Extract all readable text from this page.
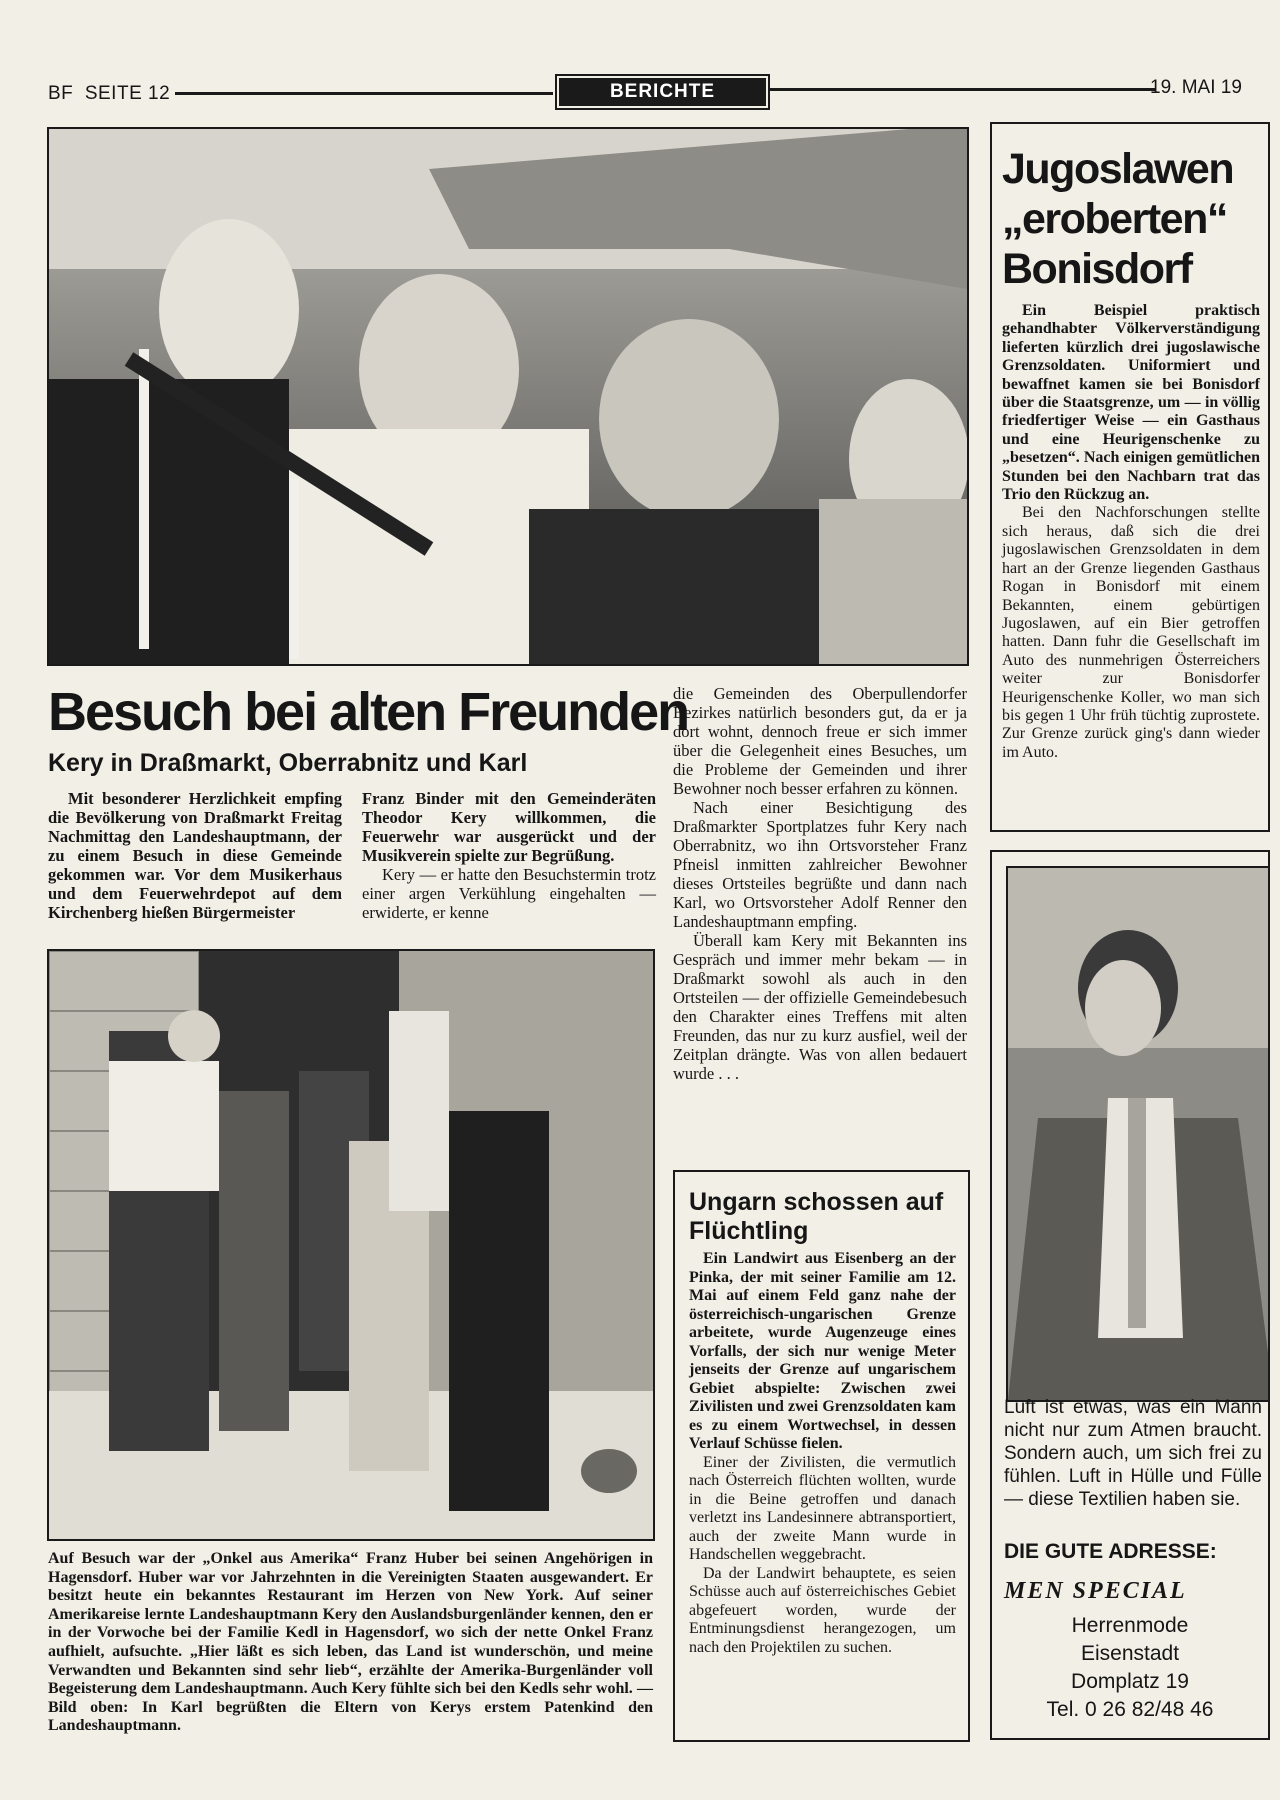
BF  SEITE 12	BERICHTE	19. MAI 19
Besuch bei alten Freunden
Kery in Draßmarkt, Oberrabnitz und Karl

Mit besonderer Herzlichkeit empfing die Bevölkerung von Draßmarkt Freitag Nachmittag den Landeshauptmann, der zu einem Besuch in diese Gemeinde gekommen war. Vor dem Musikerhaus und dem Feuerwehrdepot auf dem Kirchenberg hießen Bürgermeister

Franz Binder mit den Gemeinderäten Theodor Kery willkommen, die Feuerwehr war ausgerückt und der Musikverein spielte zur Begrüßung.

Kery — er hatte den Besuchstermin trotz einer argen Verkühlung eingehalten — erwiderte, er kenne

die Gemeinden des Oberpullendorfer Bezirkes natürlich besonders gut, da er ja dort wohnt, dennoch freue er sich immer über die Gelegenheit eines Besuches, um die Probleme der Gemeinden und ihrer Bewohner noch besser erfahren zu können.

Nach einer Besichtigung des Draßmarkter Sportplatzes fuhr Kery nach Oberrabnitz, wo ihn Ortsvorsteher Franz Pfneisl inmitten zahlreicher Bewohner dieses Ortsteiles begrüßte und dann nach Karl, wo Ortsvorsteher Adolf Renner den Landeshauptmann empfing.

Überall kam Kery mit Bekannten ins Gespräch und immer mehr bekam — in Draßmarkt sowohl als auch in den Ortsteilen — der offizielle Gemeindebesuch den Charakter eines Treffens mit alten Freunden, das nur zu kurz ausfiel, weil der Zeitplan drängte. Was von allen bedauert wurde . . .

Auf Besuch war der „Onkel aus Amerika“ Franz Huber bei seinen Angehörigen in Hagensdorf. Huber war vor Jahrzehnten in die Vereinigten Staaten ausgewandert. Er besitzt heute ein bekanntes Restaurant im Herzen von New York. Auf seiner Amerikareise lernte Landeshauptmann Kery den Auslandsburgenländer kennen, den er in der Vorwoche bei der Familie Kedl in Hagensdorf, wo sich der nette Onkel Franz aufhielt, aufsuchte. „Hier läßt es sich leben, das Land ist wunderschön, und meine Verwandten und Bekannten sind sehr lieb“, erzählte der Amerika-Burgenländer voll Begeisterung dem Landeshauptmann. Auch Kery fühlte sich bei den Kedls sehr wohl. — Bild oben: In Karl begrüßten die Eltern von Kerys erstem Patenkind den Landeshauptmann.

Ungarn schossen auf Flüchtling

Ein Landwirt aus Eisenberg an der Pinka, der mit seiner Familie am 12. Mai auf einem Feld ganz nahe der österreichisch-ungarischen Grenze arbeitete, wurde Augenzeuge eines Vorfalls, der sich nur wenige Meter jenseits der Grenze auf ungarischem Gebiet abspielte: Zwischen zwei Zivilisten und zwei Grenzsoldaten kam es zu einem Wortwechsel, in dessen Verlauf Schüsse fielen.

Einer der Zivilisten, die vermutlich nach Österreich flüchten wollten, wurde in die Beine getroffen und danach verletzt ins Landesinnere abtransportiert, auch der zweite Mann wurde in Handschellen weggebracht.

Da der Landwirt behauptete, es seien Schüsse auch auf österreichisches Gebiet abgefeuert worden, wurde der Entminungsdienst herangezogen, um nach den Projektilen zu suchen.

Jugoslawen
„eroberten“
Bonisdorf

Ein Beispiel praktisch gehandhabter Völkerverständigung lieferten kürzlich drei jugoslawische Grenzsoldaten. Uniformiert und bewaffnet kamen sie bei Bonisdorf über die Staatsgrenze, um — in völlig friedfertiger Weise — ein Gasthaus und eine Heurigenschenke zu „besetzen“. Nach einigen gemütlichen Stunden bei den Nachbarn trat das Trio den Rückzug an.

Bei den Nachforschungen stellte sich heraus, daß sich die drei jugoslawischen Grenzsoldaten in dem hart an der Grenze liegenden Gasthaus Rogan in Bonisdorf mit einem Bekannten, einem gebürtigen Jugoslawen, auf ein Bier getroffen hatten. Dann fuhr die Gesellschaft im Auto des nunmehrigen Österreichers weiter zur Bonisdorfer Heurigenschenke Koller, wo man sich bis gegen 1 Uhr früh tüchtig zuprostete. Zur Grenze zurück ging's dann wieder im Auto.

Luft ist etwas, was ein Mann nicht nur zum Atmen braucht. Sondern auch, um sich frei zu fühlen. Luft in Hülle und Fülle — diese Textilien haben sie.

DIE GUTE ADRESSE:
MEN SPECIAL
Herrenmode
Eisenstadt
Domplatz 19
Tel. 0 26 82/48 46
